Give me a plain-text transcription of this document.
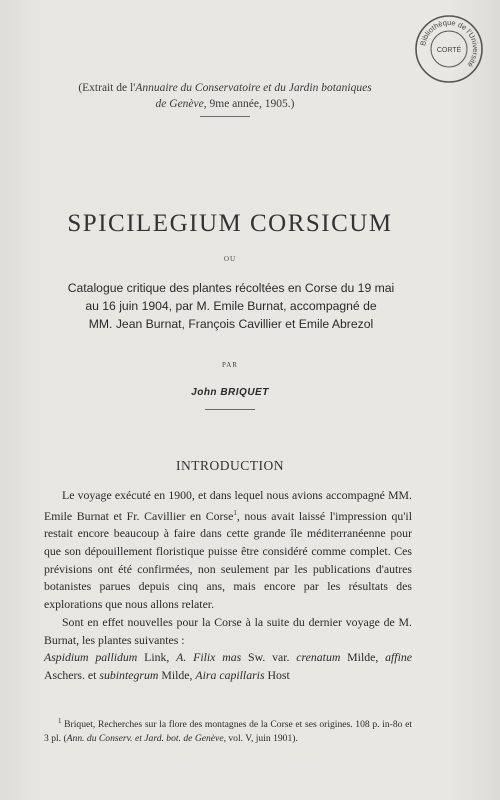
Bibliothèque de l'Université
CORTÉ
(Extrait de l'Annuaire du Conservatoire et du Jardin botaniques
de Genève, 9me année, 1905.)
SPICILEGIUM CORSICUM
OU
Catalogue critique des plantes récoltées en Corse du 19 mai
au 16 juin 1904, par M. Emile Burnat, accompagné de
MM. Jean Burnat, François Cavillier et Emile Abrezol
PAR
John BRIQUET
INTRODUCTION

Le voyage exécuté en 1900, et dans lequel nous avions accompagné MM. Emile Burnat et Fr. Cavillier en Corse$^1$, nous avait laissé l'impression qu'il restait encore beaucoup à faire dans cette grande île méditerranéenne pour que son dépouillement floristique puisse être considéré comme complet. Ces prévisions ont été confirmées, non seulement par les publications d'autres botanistes parues depuis cinq ans, mais encore par les résultats des explorations que nous allons relater.

Sont en effet nouvelles pour la Corse à la suite du dernier voyage de M. Burnat, les plantes suivantes :
Aspidium pallidum Link, A. Filix mas Sw. var. crenatum Milde, affine Aschers. et subintegrum Milde, Aira capillaris Host

$^1$ Briquet, Recherches sur la flore des montagnes de la Corse et ses origines. 108 p. in-8o et 3 pl. (Ann. du Conserv. et Jard. bot. de Genève, vol. V, juin 1901).
